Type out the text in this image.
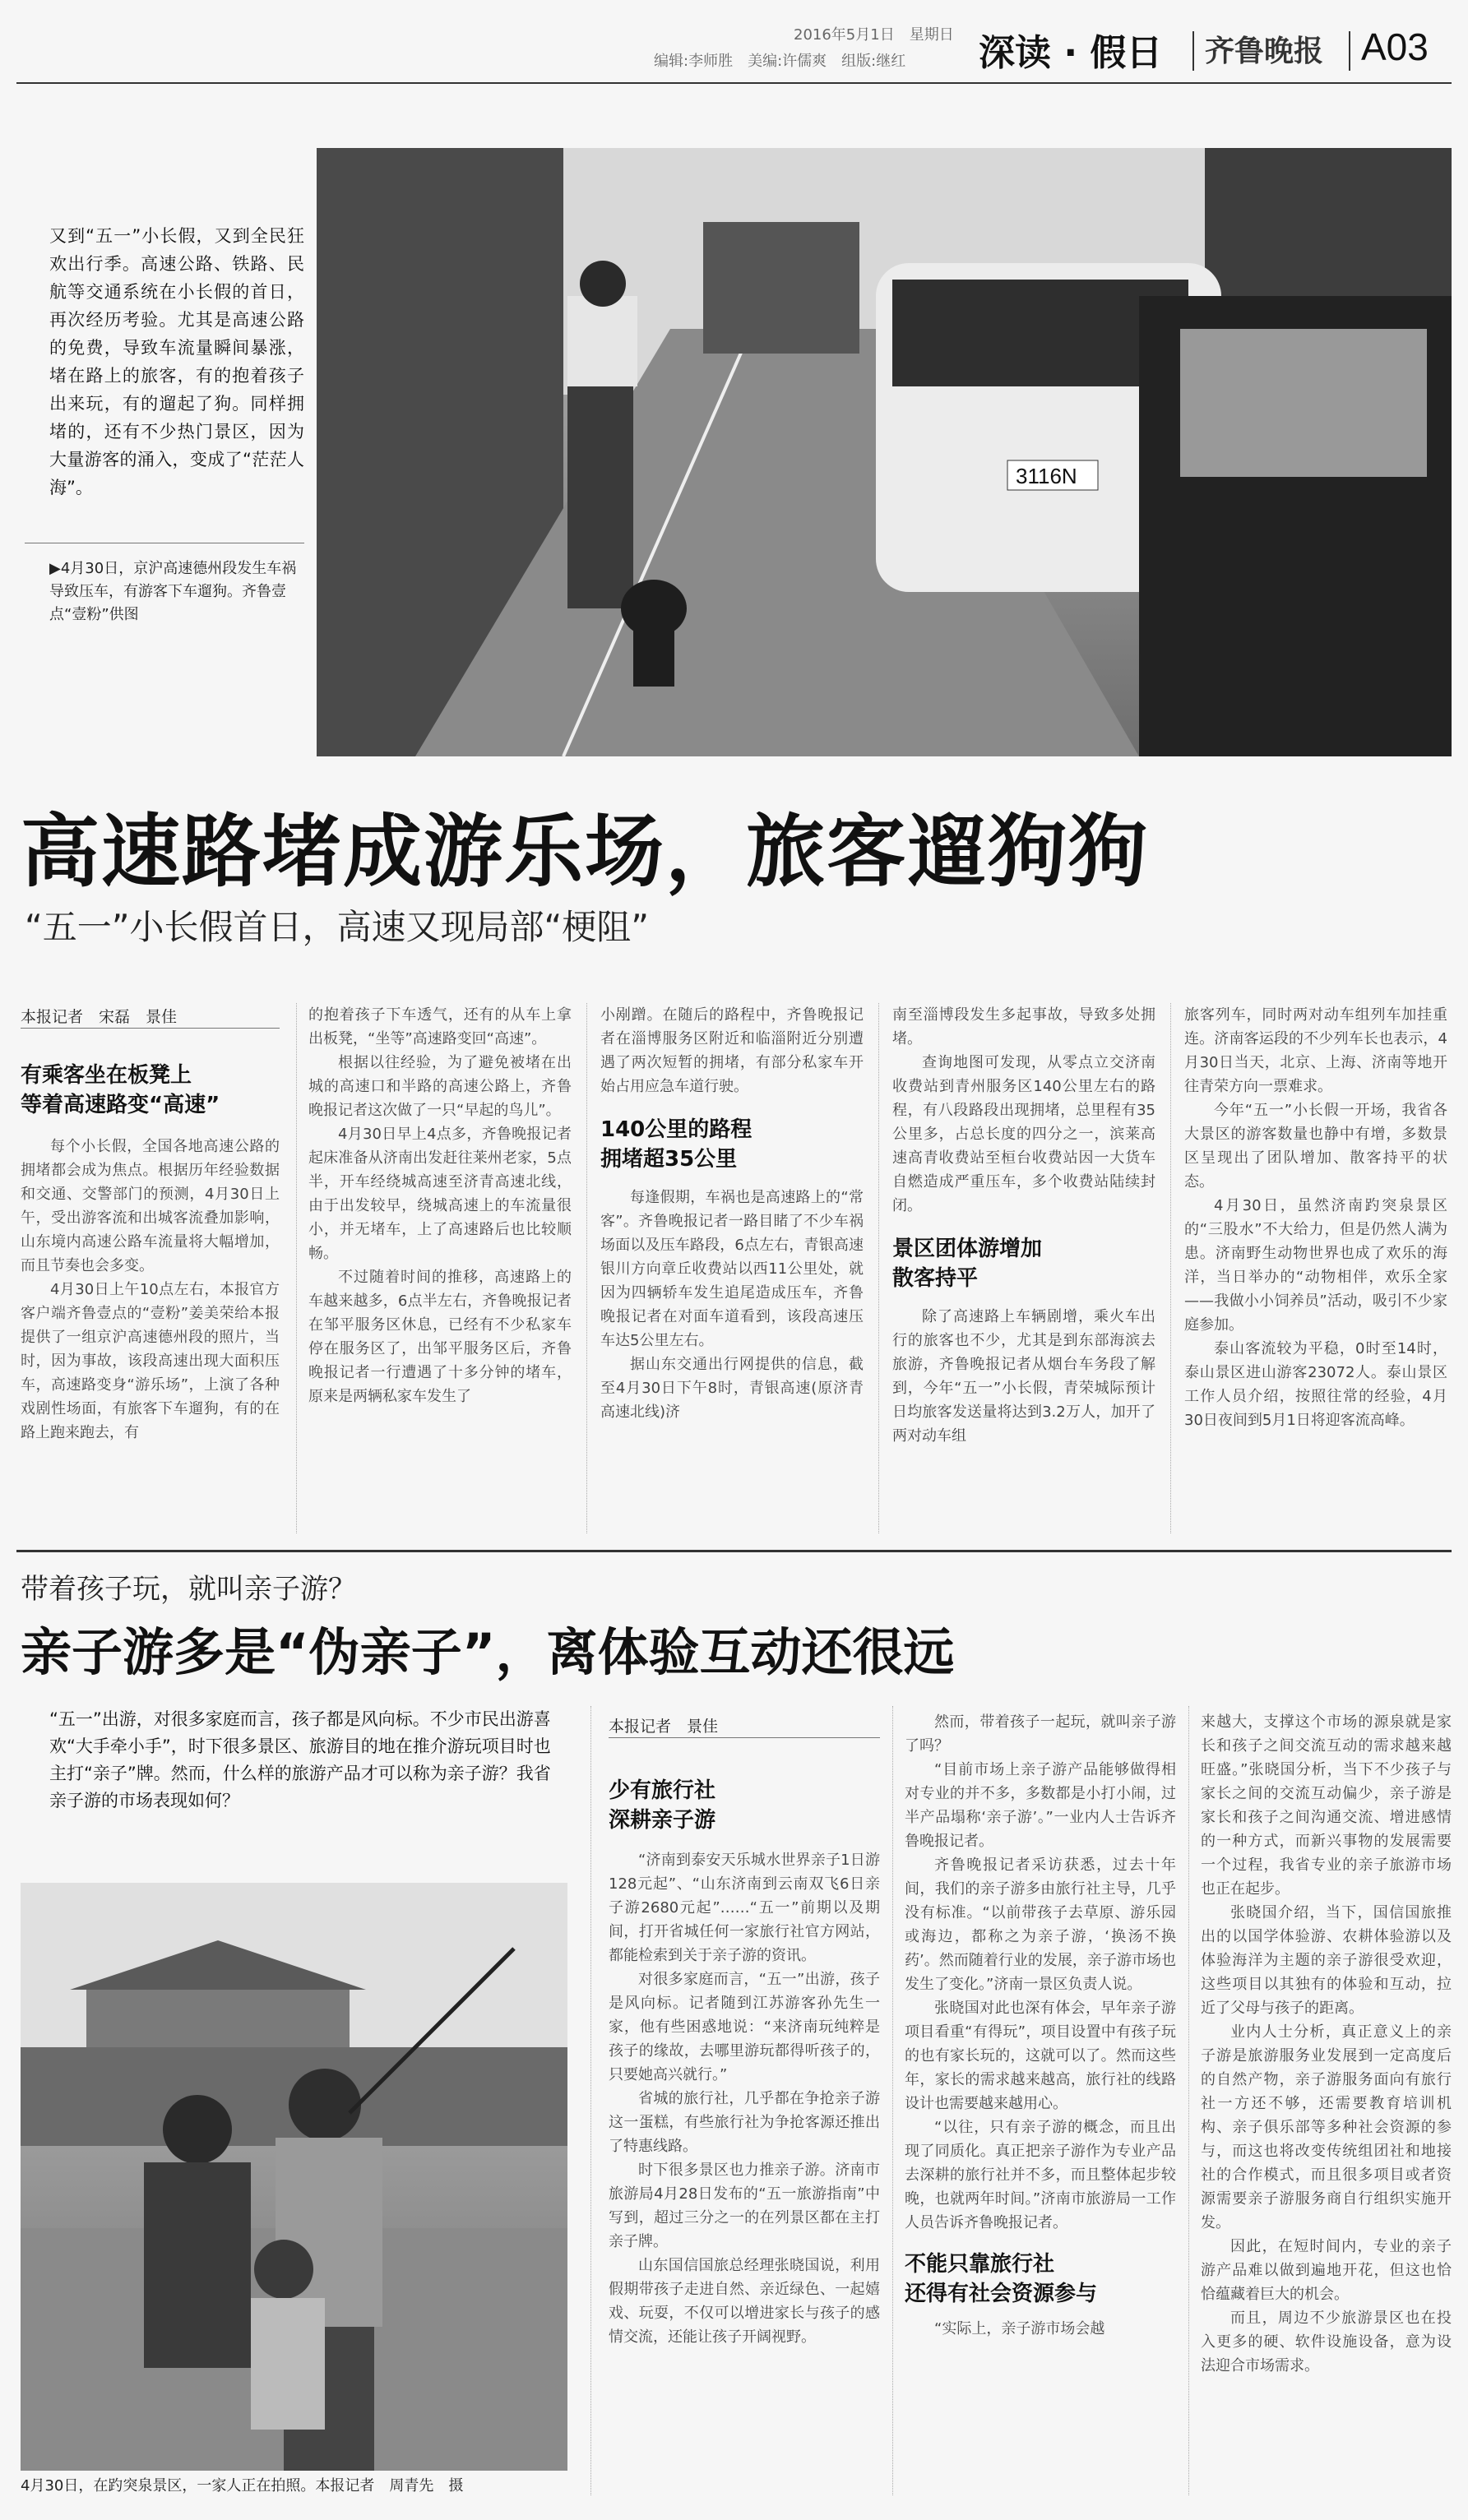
2016年5月1日　星期日
编辑:李师胜　美编:许儒爽　组版:继红 深读 · 假日 齐鲁晚报 A03
又到“五一”小长假，又到全民狂欢出行季。高速公路、铁路、民航等交通系统在小长假的首日，再次经历考验。尤其是高速公路的免费，导致车流量瞬间暴涨，堵在路上的旅客，有的抱着孩子出来玩，有的遛起了狗。同样拥堵的，还有不少热门景区，因为大量游客的涌入，变成了“茫茫人海”。
▶4月30日，京沪高速德州段发生车祸导致压车，有游客下车遛狗。齐鲁壹点“壹粉”供图
3116N
高速路堵成游乐场，旅客遛狗狗
“五一”小长假首日，高速又现局部“梗阻”
本报记者　宋磊　景佳
有乘客坐在板凳上
等着高速路变“高速”
每个小长假，全国各地高速公路的拥堵都会成为焦点。根据历年经验数据和交通、交警部门的预测，4月30日上午，受出游客流和出城客流叠加影响，山东境内高速公路车流量将大幅增加，而且节奏也会多变。
4月30日上午10点左右，本报官方客户端齐鲁壹点的“壹粉”姜美荣给本报提供了一组京沪高速德州段的照片，当时，因为事故，该段高速出现大面积压车，高速路变身“游乐场”，上演了各种戏剧性场面，有旅客下车遛狗，有的在路上跑来跑去，有
的抱着孩子下车透气，还有的从车上拿出板凳，“坐等”高速路变回“高速”。
根据以往经验，为了避免被堵在出城的高速口和半路的高速公路上，齐鲁晚报记者这次做了一只“早起的鸟儿”。
4月30日早上4点多，齐鲁晚报记者起床准备从济南出发赶往莱州老家，5点半，开车经绕城高速至济青高速北线，由于出发较早，绕城高速上的车流量很小，并无堵车，上了高速路后也比较顺畅。
不过随着时间的推移，高速路上的车越来越多，6点半左右，齐鲁晚报记者在邹平服务区休息，已经有不少私家车停在服务区了，出邹平服务区后，齐鲁晚报记者一行遭遇了十多分钟的堵车，原来是两辆私家车发生了
小剐蹭。在随后的路程中，齐鲁晚报记者在淄博服务区附近和临淄附近分别遭遇了两次短暂的拥堵，有部分私家车开始占用应急车道行驶。
140公里的路程
拥堵超35公里
每逢假期，车祸也是高速路上的“常客”。齐鲁晚报记者一路目睹了不少车祸场面以及压车路段，6点左右，青银高速银川方向章丘收费站以西11公里处，就因为四辆轿车发生追尾造成压车，齐鲁晚报记者在对面车道看到，该段高速压车达5公里左右。
据山东交通出行网提供的信息，截至4月30日下午8时，青银高速(原济青高速北线)济
南至淄博段发生多起事故，导致多处拥堵。
查询地图可发现，从零点立交济南收费站到青州服务区140公里左右的路程，有八段路段出现拥堵，总里程有35公里多，占总长度的四分之一，滨莱高速高青收费站至桓台收费站因一大货车自燃造成严重压车，多个收费站陆续封闭。
景区团体游增加
散客持平
除了高速路上车辆剧增，乘火车出行的旅客也不少，尤其是到东部海滨去旅游，齐鲁晚报记者从烟台车务段了解到，今年“五一”小长假，青荣城际预计日均旅客发送量将达到3.2万人，加开了两对动车组
旅客列车，同时两对动车组列车加挂重连。济南客运段的不少列车长也表示，4月30日当天，北京、上海、济南等地开往青荣方向一票难求。
今年“五一”小长假一开场，我省各大景区的游客数量也静中有增，多数景区呈现出了团队增加、散客持平的状态。
4月30日，虽然济南趵突泉景区的“三股水”不大给力，但是仍然人满为患。济南野生动物世界也成了欢乐的海洋，当日举办的“动物相伴，欢乐全家——我做小小饲养员”活动，吸引不少家庭参加。
泰山客流较为平稳，0时至14时，泰山景区进山游客23072人。泰山景区工作人员介绍，按照往常的经验，4月30日夜间到5月1日将迎客流高峰。
带着孩子玩，就叫亲子游？
亲子游多是“伪亲子”，离体验互动还很远
“五一”出游，对很多家庭而言，孩子都是风向标。不少市民出游喜欢“大手牵小手”，时下很多景区、旅游目的地在推介游玩项目时也主打“亲子”牌。然而，什么样的旅游产品才可以称为亲子游？我省亲子游的市场表现如何？
4月30日，在趵突泉景区，一家人正在拍照。本报记者　周青先　摄
本报记者　景佳
少有旅行社
深耕亲子游
“济南到泰安天乐城水世界亲子1日游128元起”、“山东济南到云南双飞6日亲子游2680元起”……“五一”前期以及期间，打开省城任何一家旅行社官方网站，都能检索到关于亲子游的资讯。
对很多家庭而言，“五一”出游，孩子是风向标。记者随到江苏游客孙先生一家，他有些困惑地说：“来济南玩纯粹是孩子的缘故，去哪里游玩都得听孩子的，只要她高兴就行。”
省城的旅行社，几乎都在争抢亲子游这一蛋糕，有些旅行社为争抢客源还推出了特惠线路。
时下很多景区也力推亲子游。济南市旅游局4月28日发布的“五一旅游指南”中写到，超过三分之一的在列景区都在主打亲子牌。
山东国信国旅总经理张晓国说，利用假期带孩子走进自然、亲近绿色、一起嬉戏、玩耍，不仅可以增进家长与孩子的感情交流，还能让孩子开阔视野。
然而，带着孩子一起玩，就叫亲子游了吗？
“目前市场上亲子游产品能够做得相对专业的并不多，多数都是小打小闹，过半产品塌称‘亲子游’。”一业内人士告诉齐鲁晚报记者。
齐鲁晚报记者采访获悉，过去十年间，我们的亲子游多由旅行社主导，几乎没有标准。“以前带孩子去草原、游乐园或海边，都称之为亲子游，‘换汤不换药’。然而随着行业的发展，亲子游市场也发生了变化。”济南一景区负责人说。
张晓国对此也深有体会，早年亲子游项目看重“有得玩”，项目设置中有孩子玩的也有家长玩的，这就可以了。然而这些年，家长的需求越来越高，旅行社的线路设计也需要越来越用心。
“以往，只有亲子游的概念，而且出现了同质化。真正把亲子游作为专业产品去深耕的旅行社并不多，而且整体起步较晚，也就两年时间。”济南市旅游局一工作人员告诉齐鲁晚报记者。
不能只靠旅行社
还得有社会资源参与
“实际上，亲子游市场会越
来越大，支撑这个市场的源泉就是家长和孩子之间交流互动的需求越来越旺盛。”张晓国分析，当下不少孩子与家长之间的交流互动偏少，亲子游是家长和孩子之间沟通交流、增进感情的一种方式，而新兴事物的发展需要一个过程，我省专业的亲子旅游市场也正在起步。
张晓国介绍，当下，国信国旅推出的以国学体验游、农耕体验游以及体验海洋为主题的亲子游很受欢迎，这些项目以其独有的体验和互动，拉近了父母与孩子的距离。
业内人士分析，真正意义上的亲子游是旅游服务业发展到一定高度后的自然产物，亲子游服务面向有旅行社一方还不够，还需要教育培训机构、亲子俱乐部等多种社会资源的参与，而这也将改变传统组团社和地接社的合作模式，而且很多项目或者资源需要亲子游服务商自行组织实施开发。
因此，在短时间内，专业的亲子游产品难以做到遍地开花，但这也恰恰蕴藏着巨大的机会。
而且，周边不少旅游景区也在投入更多的硬、软件设施设备，意为设法迎合市场需求。
